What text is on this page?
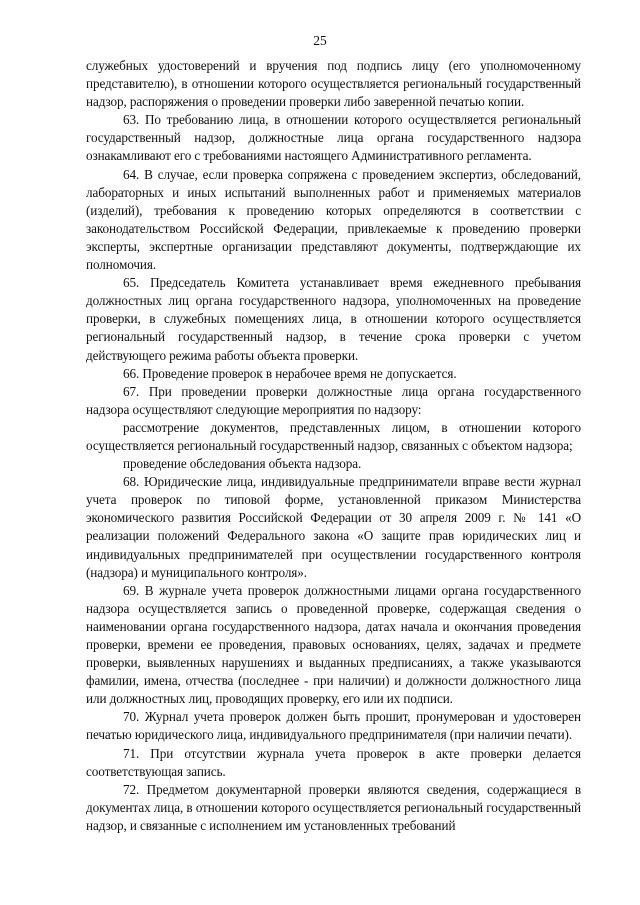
25

служебных удостоверений и вручения под подпись лицу (его уполномоченному представителю), в отношении которого осуществляется региональный государственный надзор, распоряжения о проведении проверки либо заверенной печатью копии.

63. По требованию лица, в отношении которого осуществляется региональный государственный надзор, должностные лица органа государственного надзора ознакамливают его с требованиями настоящего Административного регламента.

64. В случае, если проверка сопряжена с проведением экспертиз, обследований, лабораторных и иных испытаний выполненных работ и применяемых материалов (изделий), требования к проведению которых определяются в соответствии с законодательством Российской Федерации, привлекаемые к проведению проверки эксперты, экспертные организации представляют документы, подтверждающие их полномочия.

65. Председатель Комитета устанавливает время ежедневного пребывания должностных лиц органа государственного надзора, уполномоченных на проведение проверки, в служебных помещениях лица, в отношении которого осуществляется региональный государственный надзор, в течение срока проверки с учетом действующего режима работы объекта проверки.

66. Проведение проверок в нерабочее время не допускается.

67. При проведении проверки должностные лица органа государственного надзора осуществляют следующие мероприятия по надзору:

рассмотрение документов, представленных лицом, в отношении которого осуществляется региональный государственный надзор, связанных с объектом надзора;

проведение обследования объекта надзора.

68. Юридические лица, индивидуальные предприниматели вправе вести журнал учета проверок по типовой форме, установленной приказом Министерства экономического развития Российской Федерации от 30 апреля 2009 г. № 141 «О реализации положений Федерального закона «О защите прав юридических лиц и индивидуальных предпринимателей при осуществлении государственного контроля (надзора) и муниципального контроля».

69. В журнале учета проверок должностными лицами органа государственного надзора осуществляется запись о проведенной проверке, содержащая сведения о наименовании органа государственного надзора, датах начала и окончания проведения проверки, времени ее проведения, правовых основаниях, целях, задачах и предмете проверки, выявленных нарушениях и выданных предписаниях, а также указываются фамилии, имена, отчества (последнее - при наличии) и должности должностного лица или должностных лиц, проводящих проверку, его или их подписи.

70. Журнал учета проверок должен быть прошит, пронумерован и удостоверен печатью юридического лица, индивидуального предпринимателя (при наличии печати).

71. При отсутствии журнала учета проверок в акте проверки делается соответствующая запись.

72. Предметом документарной проверки являются сведения, содержащиеся в документах лица, в отношении которого осуществляется региональный государственный надзор, и связанные с исполнением им установленных требований
